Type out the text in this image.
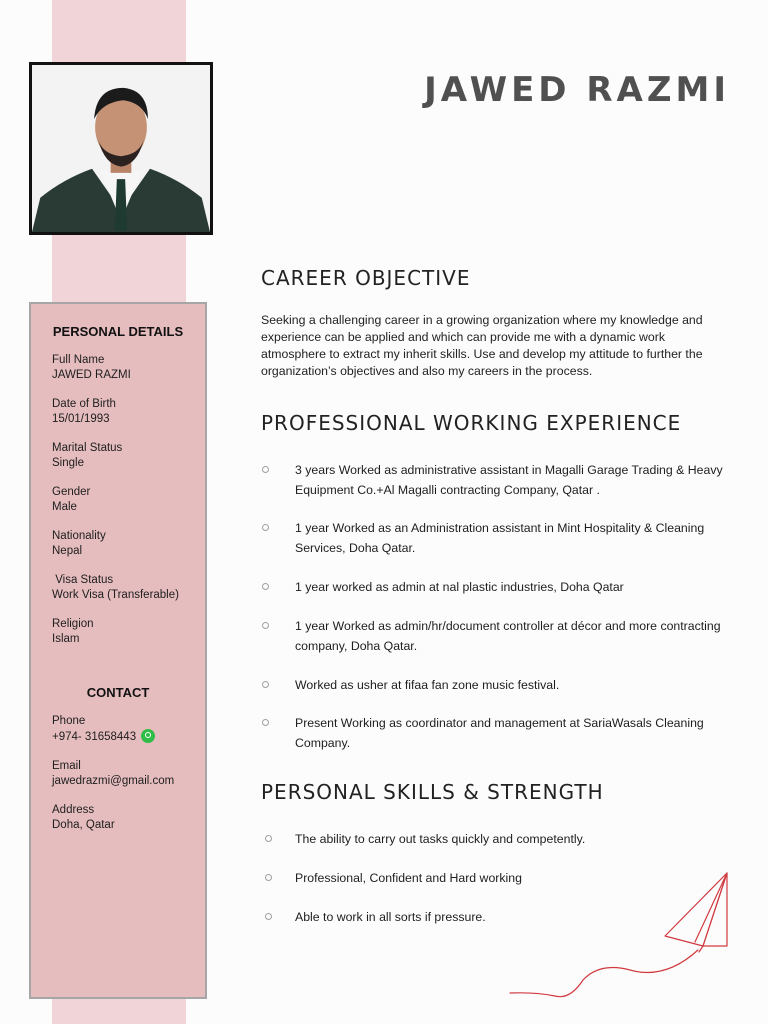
JAWED RAZMI
PERSONAL DETAILS
Full Name
JAWED RAZMI
Date of Birth
15/01/1993
Marital Status
Single
Gender
Male
Nationality
Nepal
Visa Status
Work Visa (Transferable)
Religion
Islam
CONTACT
Phone
+974- 31658443
Email
jawedrazmi@gmail.com
Address
Doha, Qatar
CAREER OBJECTIVE
Seeking a challenging career in a growing organization where my knowledge and experience can be applied and which can provide me with a dynamic work atmosphere to extract my inherit skills. Use and develop my attitude to further the organization’s objectives and also my careers in the process.
PROFESSIONAL WORKING EXPERIENCE
3 years Worked as administrative assistant in Magalli Garage Trading & Heavy Equipment Co.+Al Magalli contracting Company, Qatar .
1 year Worked as an Administration assistant in Mint Hospitality & Cleaning Services, Doha Qatar.
1 year worked as admin at nal plastic industries, Doha Qatar
1 year Worked as admin/hr/document controller at décor and more contracting company, Doha Qatar.
Worked as usher at fifaa fan zone music festival.
Present Working as coordinator and management at SariaWasals Cleaning Company.
PERSONAL SKILLS & STRENGTH
The ability to carry out tasks quickly and competently.
Professional, Confident and Hard working
Able to work in all sorts if pressure.
